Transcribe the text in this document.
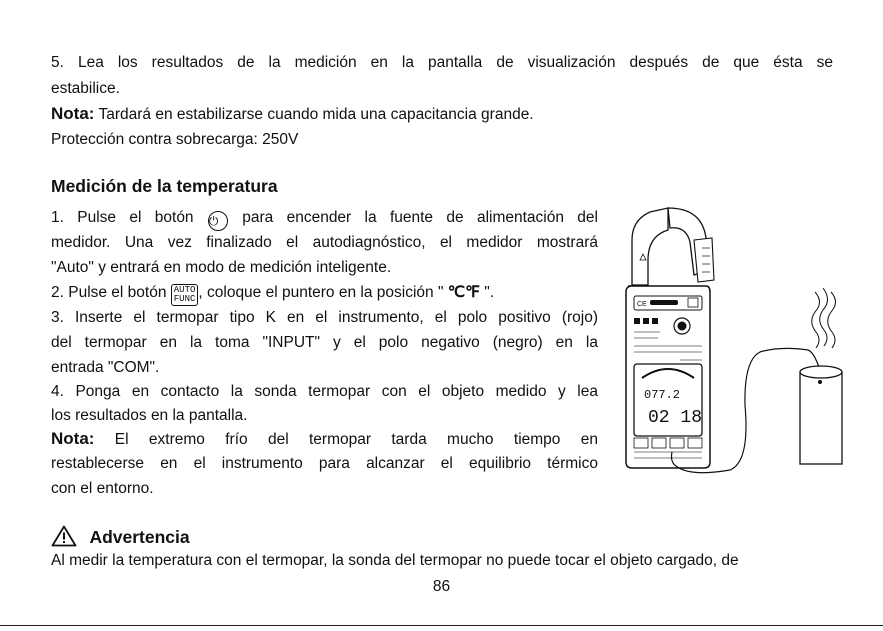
5. Lea los resultados de la medición en la pantalla de visualización después de que ésta se

estabilice.

Nota: Tardará en estabilizarse cuando mida una capacitancia grande.

Protección contra sobrecarga: 250V

Medición de la temperatura

1. Pulse el botón ⏻ para encender la fuente de alimentación del

medidor. Una vez finalizado el autodiagnóstico, el medidor mostrará

"Auto" y entrará en modo de medición inteligente.

2. Pulse el botón AUTO
FUNC , coloque el puntero en la posición " ℃℉ ".

3. Inserte el termopar tipo K en el instrumento, el polo positivo (rojo)

del termopar en la toma "INPUT" y el polo negativo (negro) en la

entrada "COM".

4. Ponga en contacto la sonda termopar con el objeto medido y lea

los resultados en la pantalla.

Nota: El extremo frío del termopar tarda mucho tiempo en

restablecerse en el instrumento para alcanzar el equilibrio térmico

con el entorno.

Advertencia

Al medir la temperatura con el termopar, la sonda del termopar no puede tocar el objeto cargado, de

86
CE
077.2
02 18
